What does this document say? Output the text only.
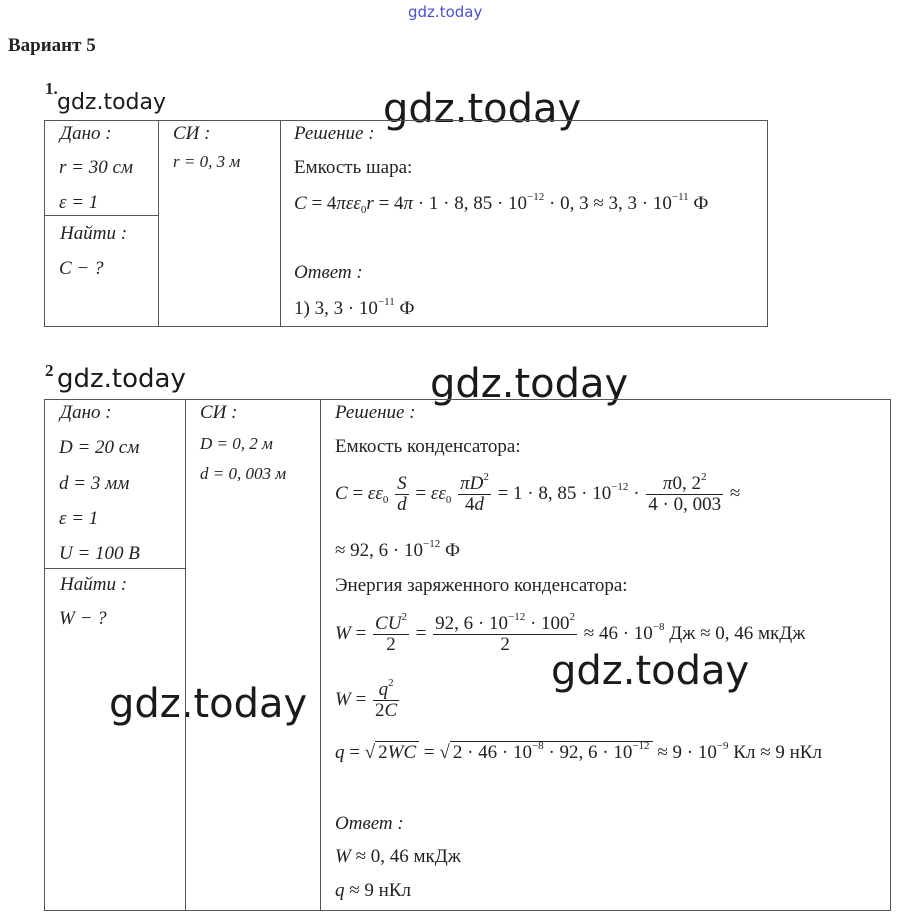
gdz.today
gdz.today	gdz.today
gdz.today	gdz.today
gdz.today
gdz.today
Вариант 5
1.
Дано :
r = 30 см
ε = 1
Найти :
C − ?
СИ :
r = 0, 3 м
Решение :
Емкость шара:
C = 4πεε$_0$r = 4π · 1 · 8, $85 \cdot 10^{-12} \cdot 0$, 3 ≈ 3, $3 \cdot 10^{-11}$ Ф
Ответ :
1) 3, $3 \cdot 10^{-11}$ Ф
2
Дано :
D = 20 см
d = 3 мм
ε = 1
U = 100 В
Найти :
W − ?
СИ :
D = 0, 2 м
d = 0, 003 м
Решение :
Емкость конденсатора:
$C = \varepsilon\varepsilon_0 \frac{S}{d} = \varepsilon\varepsilon_0 \frac{\pi D^2}{4d} = 1 \cdot 8$, $85 \cdot 10^{-12} \cdot \frac{\pi 0, 2^2}{4 \cdot 0, 003}$ ≈
≈ 92, $6 \cdot 10^{-12}$ Ф
Энергия заряженного конденсатора:
$W = \frac{CU^2}{2} = \frac{92, 6 \cdot 10^{-12} \cdot 100^2}{2} \approx 46 \cdot 10^{-8}$ Дж ≈ 0, 46 мкДж
$W = \frac{q^2}{2C}$
q = √ 2WC = √ $2 \cdot 46 \cdot 10^{-8} \cdot 92$, $6 \cdot 10^{-12} \approx 9 \cdot 10^{-9}$ Кл ≈ 9 нКл
Ответ :
W ≈ 0, 46 мкДж
q ≈ 9 нКл
